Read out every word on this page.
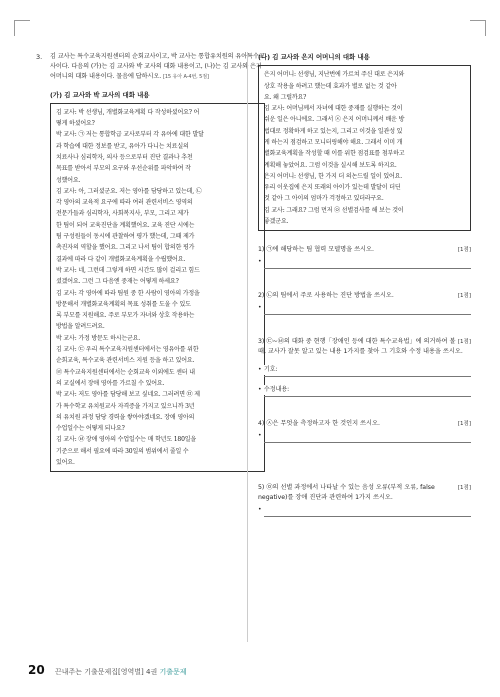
3. 김 교사는 특수교육지원센터의 순회교사이고, 박 교사는 통합유치원의 유아특수교사이다. 다음의 (가)는 김 교사와 박 교사의 대화 내용이고, (나)는 김 교사와 은지 어머니의 대화 내용이다. 물음에 답하시오. [15 유아 A-4번, 5점]
(가) 김 교사와 박 교사의 대화 내용

김 교사: 박 선생님, 개별화교육계획 다 작성하셨어요? 어

떻게 하셨어요?

박 교사: ㉠ 저는 통합학급 교사로부터 각 유아에 대한 발달

과 학습에 대한 정보를 받고, 유아가 다니는 치료실의

치료사나 심리학자, 의사 등으로부터 진단 결과나 추천

목표를 받아서 부모의 요구와 우선순위를 파악하여 작

성했어요.

김 교사: 아, 그러셨군요. 저는 영아를 담당하고 있는데, ㉡

각 영아의 교육적 요구에 따라 여러 관련서비스 영역의

전문가들과 심리학자, 사회복지사, 부모, 그리고 제가

한 팀이 되어 교육진단을 계획했어요. 교육 진단 시에는

팀 구성원들이 동시에 관찰하여 평가 했는데, 그때 제가

촉진자의 역할을 했어요. 그리고 나서 팀이 합의한 평가

결과에 따라 다 같이 개별화교육계획을 수립했어요.

박 교사: 네, 그런데 그렇게 하면 시간도 많이 걸리고 힘드

셨겠어요. 그런 그 다음엔 중재는 어떻게 하세요?

김 교사: 각 영아에 따라 팀원 중 한 사람이 영아의 가정을

방문해서 개별화교육계획의 목표 성취를 도울 수 있도

록 부모를 지원해요. 주로 부모가 자녀와 상호 작용하는

방법을 알려드려요.

박 교사: 가정 방문도 하시는군요.

김 교사: ㉢ 우리 특수교육지원센터에서는 영유아를 위한

순회교육, 특수교육 관련서비스 지원 등을 하고 있어요.

㉣ 특수교육지원센터에서는 순회교육 이외에도 센터 내

의 교실에서 장애 영아를 가르칠 수 있어요.

박 교사: 저도 영아를 담당해 보고 싶네요. 그러려면 ㉤ 제

가 특수학교 유치원교사 자격증을 가지고 있으니까 3년

의 유치원 과정 담당 경력을 쌓아야겠네요. 장애 영아의

수업일수는 어떻게 되나요?

김 교사: ㉥ 장애 영아의 수업일수는 매 학년도 180일을

기준으로 해서 필요에 따라 30일의 범위에서 줄일 수

있어요.

(나) 김 교사와 은지 어머니의 대화 내용

은지 어머니: 선생님, 지난번에 가르쳐 주신 대로 은지와

상호 작용을 하려고 했는데 효과가 별로 없는 것 같아

요. 왜 그럴까요?

김 교사: 어머님께서 자녀에 대한 중재를 실행하는 것이

쉬운 일은 아니에요. 그래서 ㉦ 은지 어머니께서 배운 방

법대로 정확하게 하고 있는지, 그리고 이것을 일관성 있

게 하는지 점검하고 모니터링해야 해요. 그래서 이미 개

별화교육계획을 작성할 때 이를 위한 점검표를 첨부하고

계획해 놓았어요. 그럼 이것을 실시해 보도록 하지요.

은지 어머니: 선생님, 한 가지 더 의논드릴 일이 있어요.

우리 이웃집에 은지 또래의 아이가 있는데 발달이 더딘

것 같아 그 아이의 엄마가 걱정하고 있더라구요.

김 교사: 그래요? 그럼 먼저 ㉧ 선별검사를 해 보는 것이

좋겠군요.

[1점]
1) ㉠에 해당하는 팀 협력 모델명을 쓰시오.
•
[1점]
2) ㉡의 팀에서 주로 사용하는 진단 방법을 쓰시오.
•
[1점]
3) ㉢~㉥의 대화 중 현행「장애인 등에 대한 특수교육법」에 의거하여 볼 때, 교사가 잘못 알고 있는 내용 1가지를 찾아 그 기호와 수정 내용을 쓰시오.
• 기호:
• 수정내용:
[1점]
4) ㉦은 무엇을 측정하고자 한 것인지 쓰시오.
•
[1점]
5) ㉧의 선별 과정에서 나타날 수 있는 음성 오류(부적 오류, false negative)를 장애 진단과 관련하여 1가지 쓰시오.
•
20 끈내주는 기출문제집[영역별] 4권 기출문제
